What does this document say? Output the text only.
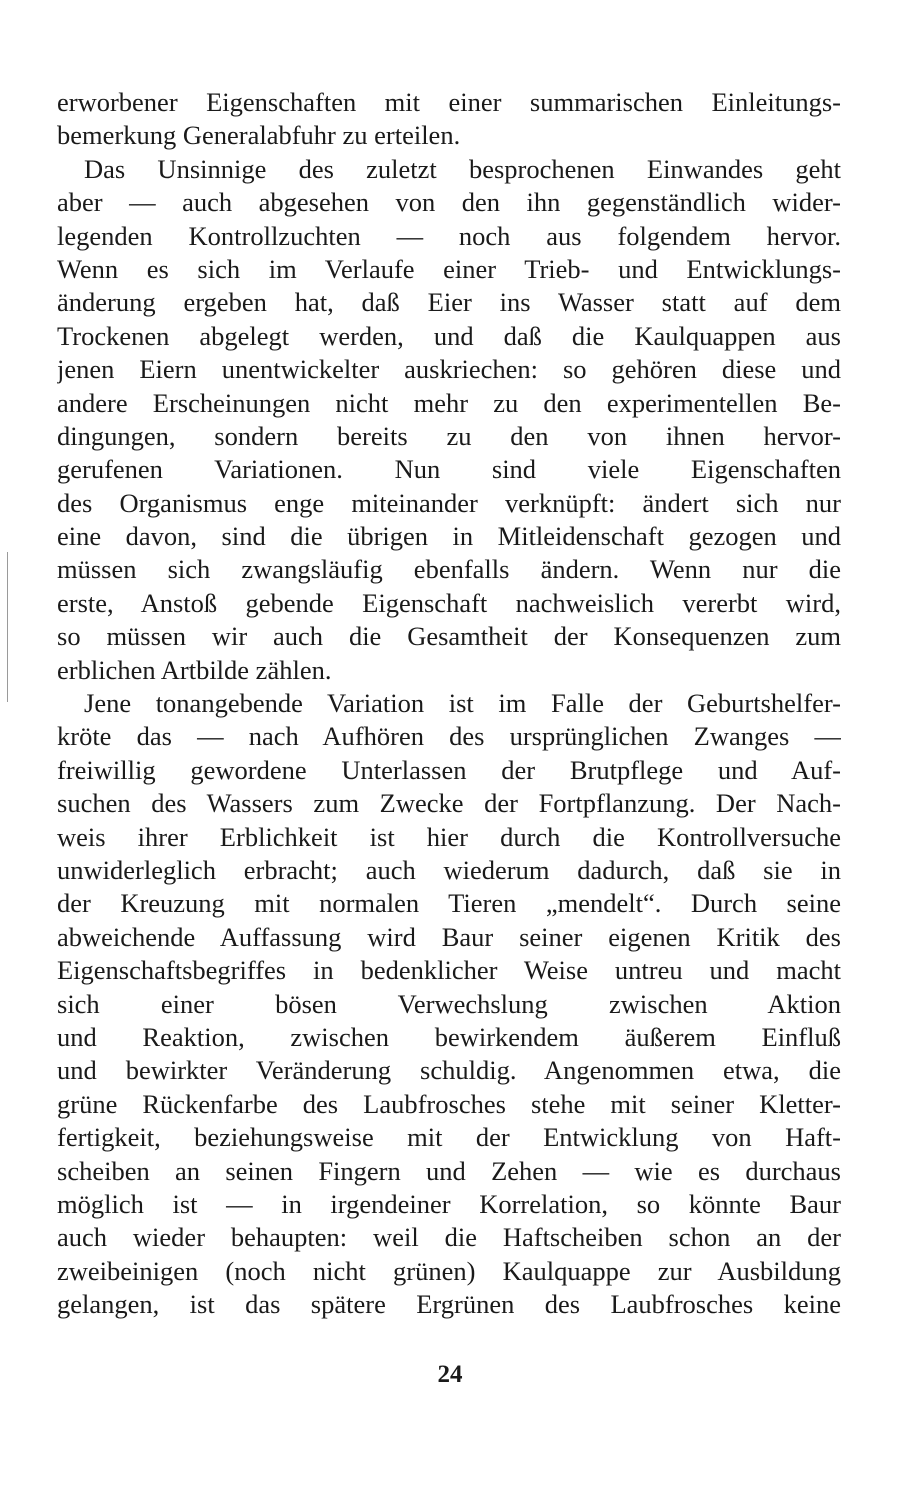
erworbener Eigenschaften mit einer summarischen Einleitungs-
bemerkung Generalabfuhr zu erteilen.
Das Unsinnige des zuletzt besprochenen Einwandes geht
aber — auch abgesehen von den ihn gegenständlich wider-
legenden Kontrollzuchten — noch aus folgendem hervor.
Wenn es sich im Verlaufe einer Trieb- und Entwicklungs-
änderung ergeben hat, daß Eier ins Wasser statt auf dem
Trockenen abgelegt werden, und daß die Kaulquappen aus
jenen Eiern unentwickelter auskriechen: so gehören diese und
andere Erscheinungen nicht mehr zu den experimentellen Be-
dingungen, sondern bereits zu den von ihnen hervor-
gerufenen Variationen. Nun sind viele Eigenschaften
des Organismus enge miteinander verknüpft: ändert sich nur
eine davon, sind die übrigen in Mitleidenschaft gezogen und
müssen sich zwangsläufig ebenfalls ändern. Wenn nur die
erste, Anstoß gebende Eigenschaft nachweislich vererbt wird,
so müssen wir auch die Gesamtheit der Konsequenzen zum
erblichen Artbilde zählen.
Jene tonangebende Variation ist im Falle der Geburtshelfer-
kröte das — nach Aufhören des ursprünglichen Zwanges —
freiwillig gewordene Unterlassen der Brutpflege und Auf-
suchen des Wassers zum Zwecke der Fortpflanzung. Der Nach-
weis ihrer Erblichkeit ist hier durch die Kontrollversuche
unwiderleglich erbracht; auch wiederum dadurch, daß sie in
der Kreuzung mit normalen Tieren „mendelt“. Durch seine
abweichende Auffassung wird Baur seiner eigenen Kritik des
Eigenschaftsbegriffes in bedenklicher Weise untreu und macht
sich einer bösen Verwechslung zwischen Aktion
und Reaktion, zwischen bewirkendem äußerem Einfluß
und bewirkter Veränderung schuldig. Angenommen etwa, die
grüne Rückenfarbe des Laubfrosches stehe mit seiner Kletter-
fertigkeit, beziehungsweise mit der Entwicklung von Haft-
scheiben an seinen Fingern und Zehen — wie es durchaus
möglich ist — in irgendeiner Korrelation, so könnte Baur
auch wieder behaupten: weil die Haftscheiben schon an der
zweibeinigen (noch nicht grünen) Kaulquappe zur Ausbildung
gelangen, ist das spätere Ergrünen des Laubfrosches keine
24
